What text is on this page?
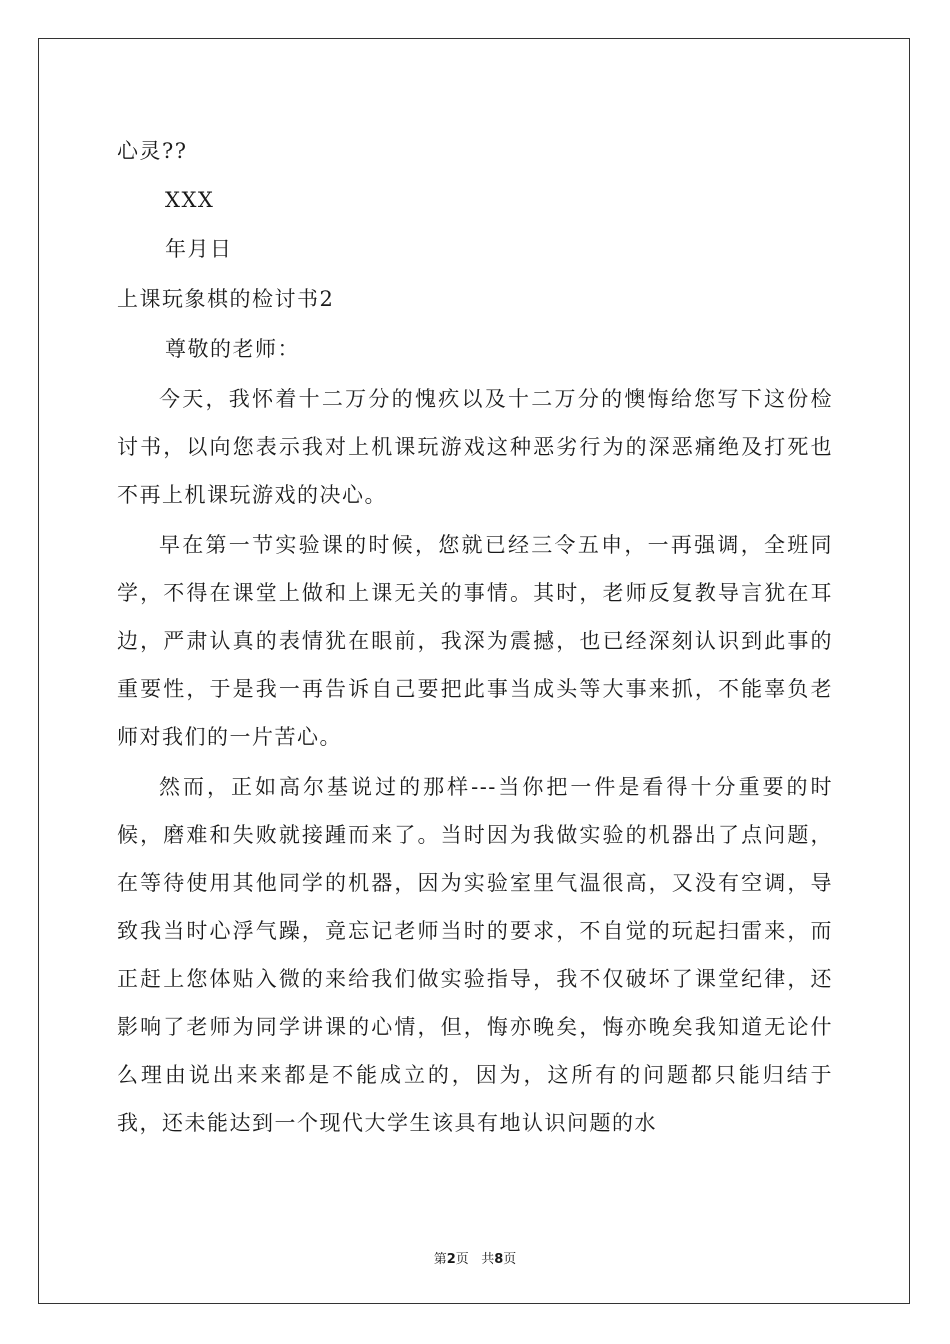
心灵??
XXX
年月日
上课玩象棋的检讨书2
尊敬的老师：
今天，我怀着十二万分的愧疚以及十二万分的懊悔给您写下这份检讨书，以向您表示我对上机课玩游戏这种恶劣行为的深恶痛绝及打死也不再上机课玩游戏的决心。
早在第一节实验课的时候，您就已经三令五申，一再强调，全班同学，不得在课堂上做和上课无关的事情。其时，老师反复教导言犹在耳边，严肃认真的表情犹在眼前，我深为震撼，也已经深刻认识到此事的重要性，于是我一再告诉自己要把此事当成头等大事来抓，不能辜负老师对我们的一片苦心。
然而，正如高尔基说过的那样---当你把一件是看得十分重要的时候，磨难和失败就接踵而来了。当时因为我做实验的机器出了点问题，在等待使用其他同学的机器，因为实验室里气温很高，又没有空调，导致我当时心浮气躁，竟忘记老师当时的要求，不自觉的玩起扫雷来，而正赶上您体贴入微的来给我们做实验指导，我不仅破坏了课堂纪律，还影响了老师为同学讲课的心情，但，悔亦晚矣，悔亦晚矣我知道无论什么理由说出来来都是不能成立的，因为，这所有的问题都只能归结于我，还未能达到一个现代大学生该具有地认识问题的水
第2页 共8页
